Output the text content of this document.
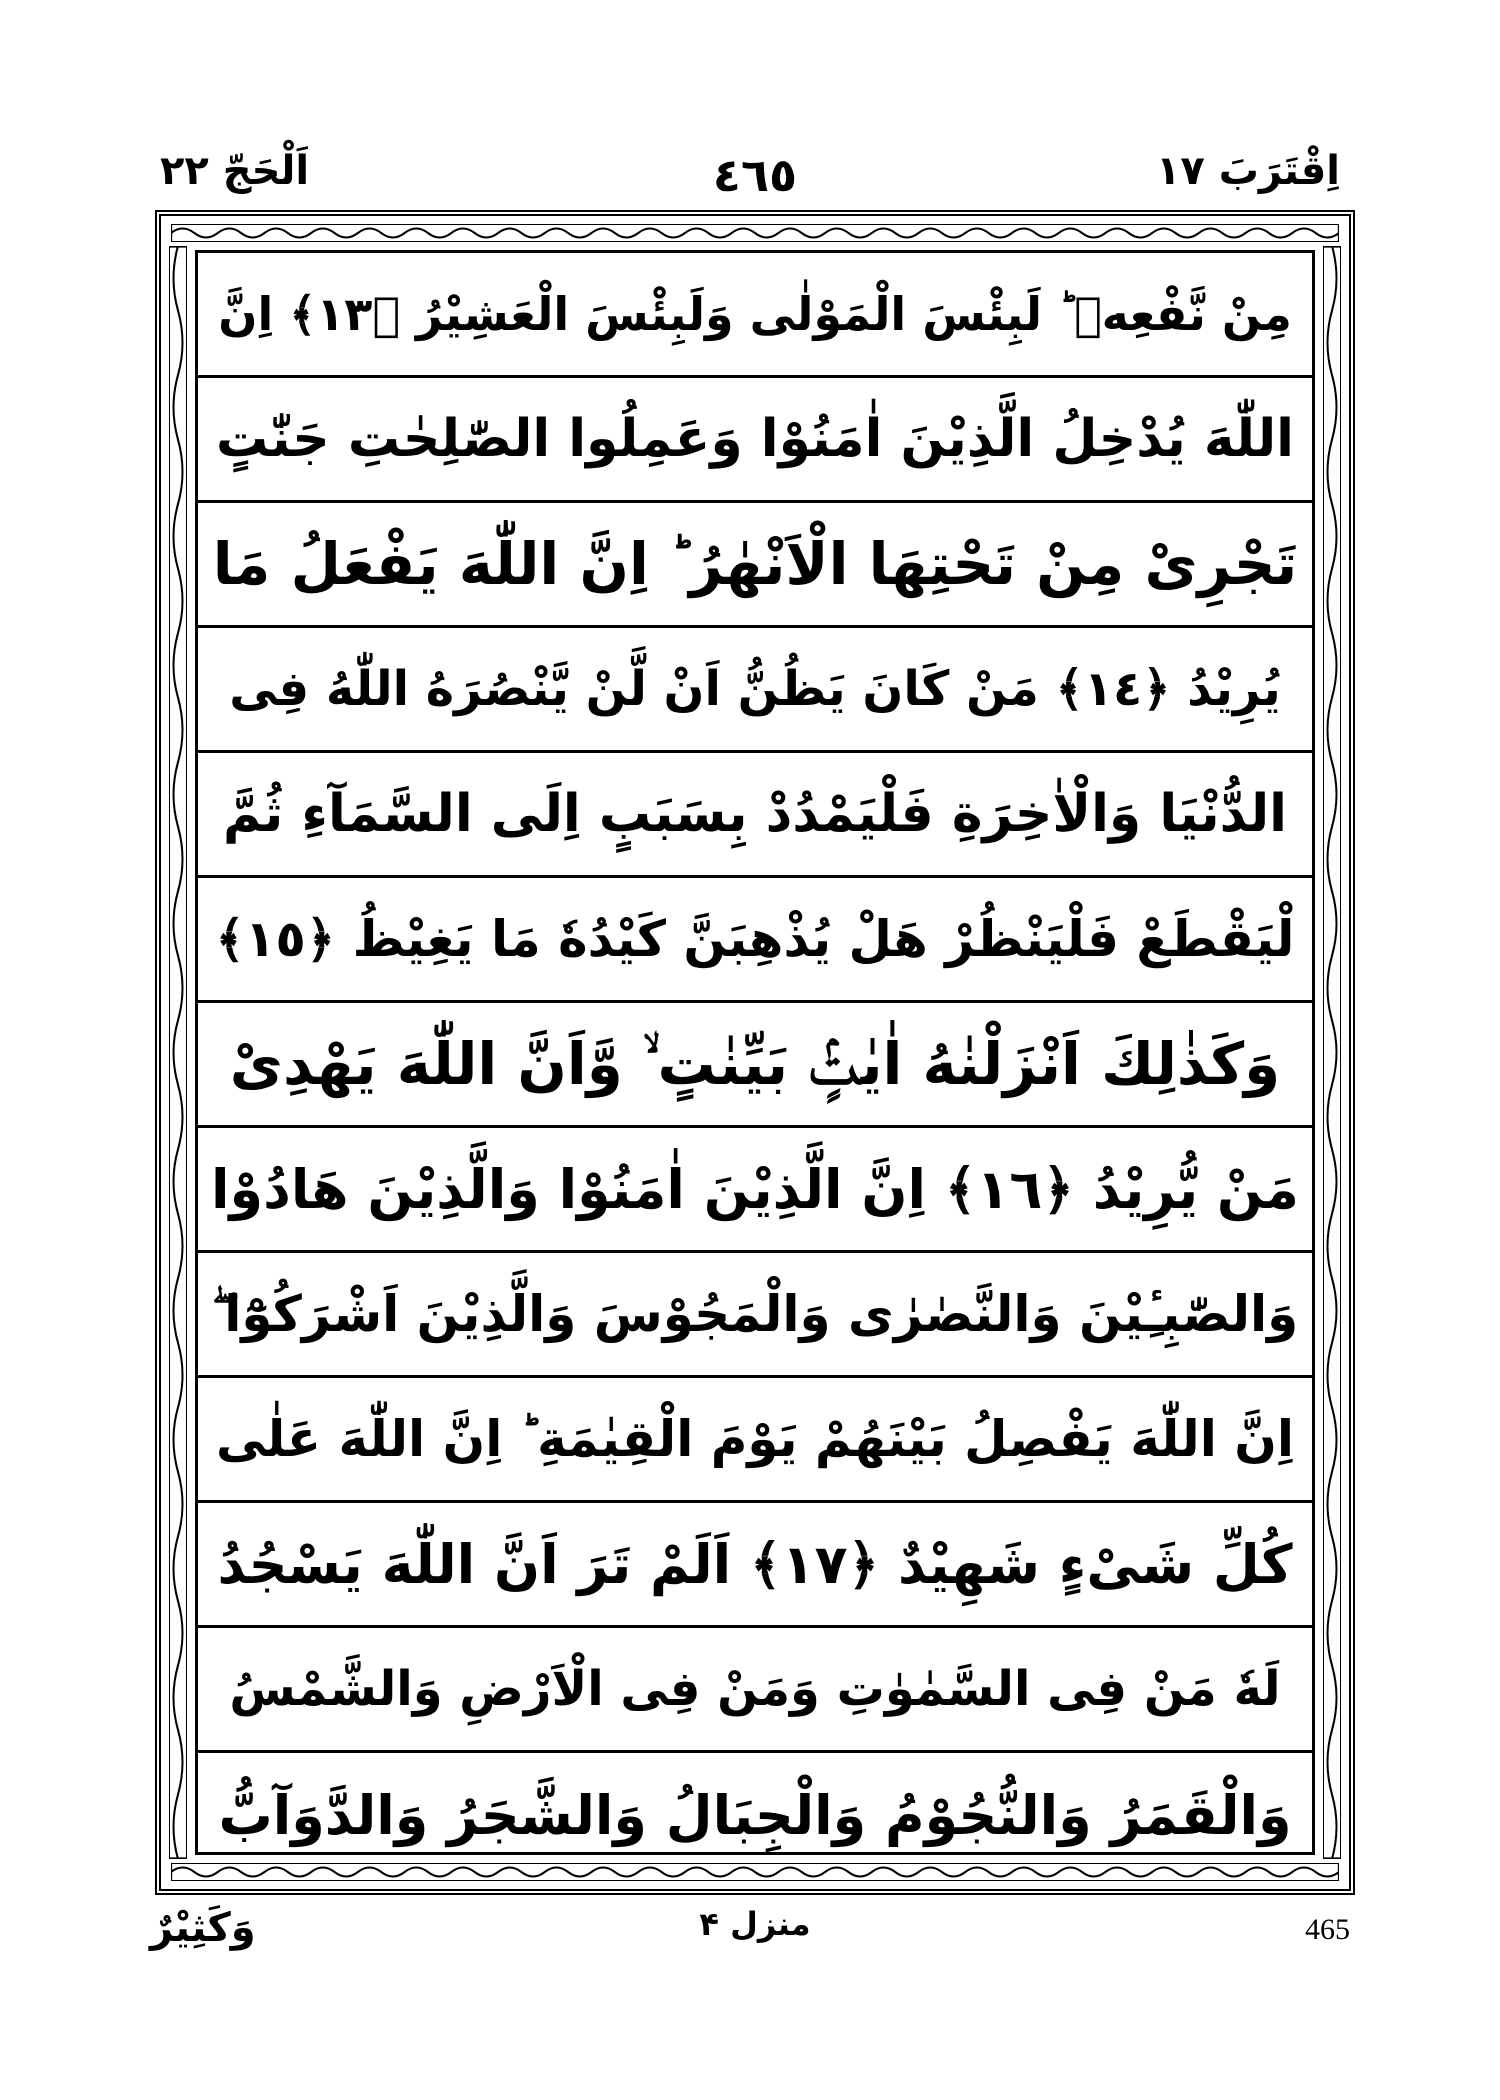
اِقْتَرَبَ ١٧
٤٦٥
اَلْحَجّ ٢٢
مِنْ نَّفْعِهٖ ؕ لَبِئْسَ الْمَوْلٰى وَلَبِئْسَ الْعَشِيْرُ ﴿١٣﴾ اِنَّ
اللّٰهَ يُدْخِلُ الَّذِيْنَ اٰمَنُوْا وَعَمِلُوا الصّٰلِحٰتِ جَنّٰتٍ
تَجْرِىْ مِنْ تَحْتِهَا الْاَنْهٰرُ ؕ اِنَّ اللّٰهَ يَفْعَلُ مَا
يُرِيْدُ ﴿١٤﴾ مَنْ كَانَ يَظُنُّ اَنْ لَّنْ يَّنْصُرَهُ اللّٰهُ فِى
الدُّنْيَا وَالْاٰخِرَةِ فَلْيَمْدُدْ بِسَبَبٍ اِلَى السَّمَآءِ ثُمَّ
لْيَقْطَعْ فَلْيَنْظُرْ هَلْ يُذْهِبَنَّ كَيْدُهٗ مَا يَغِيْظُ ﴿١٥﴾
وَكَذٰلِكَ اَنْزَلْنٰهُ اٰيٰتٍۢ بَيِّنٰتٍ ۙ وَّاَنَّ اللّٰهَ يَهْدِىْ
مَنْ يُّرِيْدُ ﴿١٦﴾ اِنَّ الَّذِيْنَ اٰمَنُوْا وَالَّذِيْنَ هَادُوْا
وَالصّٰبِـِٔيْنَ وَالنَّصٰرٰى وَالْمَجُوْسَ وَالَّذِيْنَ اَشْرَكُوْٓا ۖ
اِنَّ اللّٰهَ يَفْصِلُ بَيْنَهُمْ يَوْمَ الْقِيٰمَةِ ؕ اِنَّ اللّٰهَ عَلٰى
كُلِّ شَىْءٍ شَهِيْدٌ ﴿١٧﴾ اَلَمْ تَرَ اَنَّ اللّٰهَ يَسْجُدُ
لَهٗ مَنْ فِى السَّمٰوٰتِ وَمَنْ فِى الْاَرْضِ وَالشَّمْسُ
وَالْقَمَرُ وَالنُّجُوْمُ وَالْجِبَالُ وَالشَّجَرُ وَالدَّوَآبُّ
وَكَثِيْرٌ	منزل ۴	465
